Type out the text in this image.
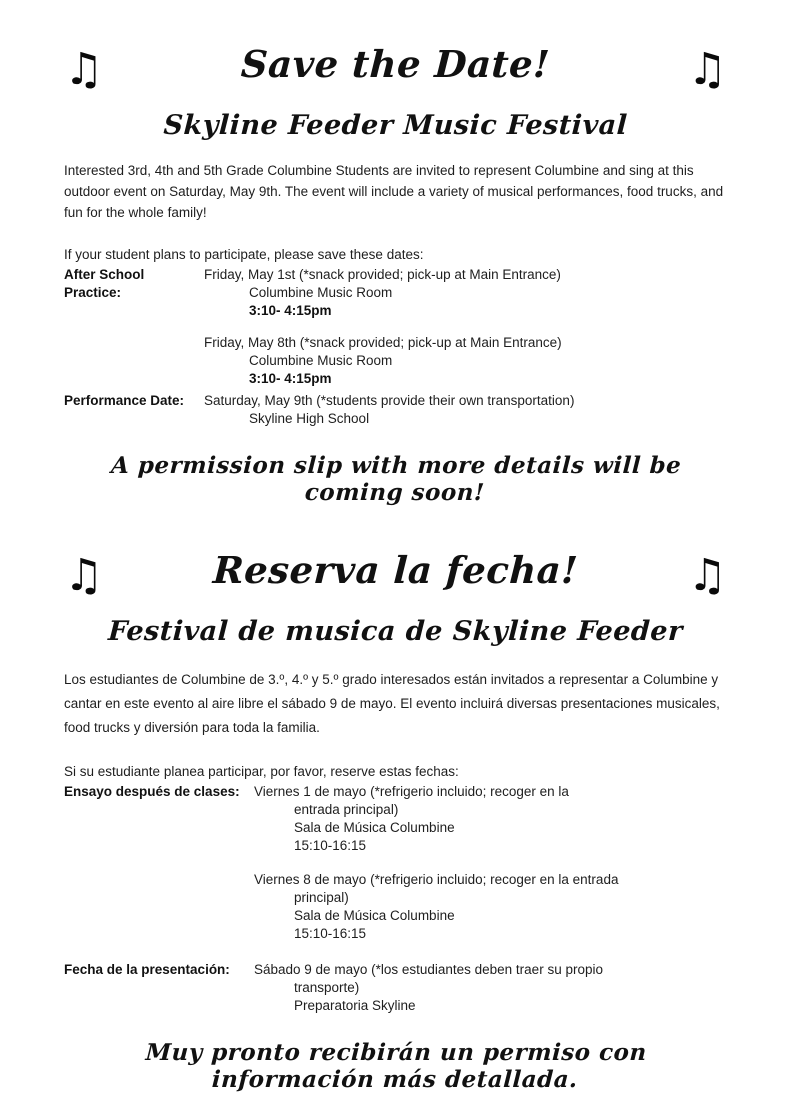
♫	Save the Date!	♫
Skyline Feeder Music Festival

Interested 3rd, 4th and 5th Grade Columbine Students are invited to represent Columbine and sing at this outdoor event on Saturday, May 9th. The event will include a variety of musical performances, food trucks, and fun for the whole family!

If your student plans to participate, please save these dates:

After School Practice:
Friday, May 1st (*snack provided; pick-up at Main Entrance)
Columbine Music Room
3:10- 4:15pm
Friday, May 8th (*snack provided; pick-up at Main Entrance)
Columbine Music Room
3:10- 4:15pm
Performance Date:	Saturday, May 9th (*students provide their own transportation)
Skyline High School
A permission slip with more details will be coming soon!
♫	Reserva la fecha! ♫
Festival de musica de Skyline Feeder

Los estudiantes de Columbine de 3.º, 4.º y 5.º grado interesados están invitados a representar a Columbine y cantar en este evento al aire libre el sábado 9 de mayo. El evento incluirá diversas presentaciones musicales, food trucks y diversión para toda la familia.

Si su estudiante planea participar, por favor, reserve estas fechas:

Ensayo después de clases:	Viernes 1 de mayo (*refrigerio incluido; recoger en la
entrada principal)
Sala de Música Columbine
15:10-16:15
Viernes 8 de mayo (*refrigerio incluido; recoger en la entrada
principal)
Sala de Música Columbine
15:10-16:15
Fecha de la presentación:	Sábado 9 de mayo (*los estudiantes deben traer su propio
transporte)
Preparatoria Skyline
Muy pronto recibirán un permiso con información más detallada.
